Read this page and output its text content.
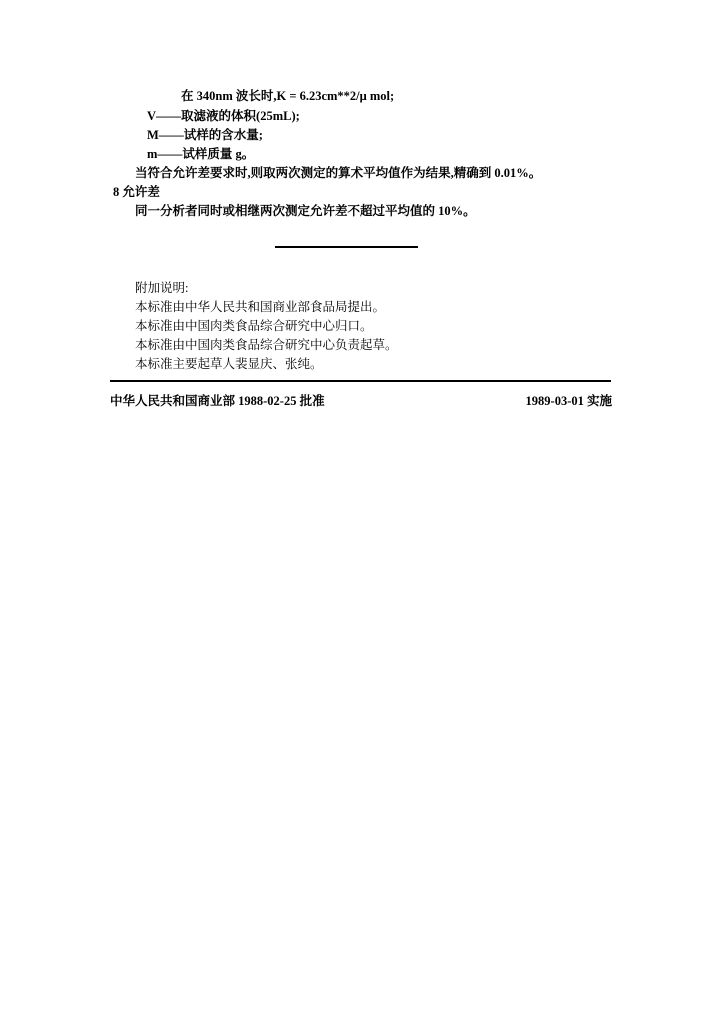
在 340nm 波长时,K = 6.23cm**2/μ mol;
V——取滤液的体积(25mL);
M——试样的含水量;
m——试样质量 g。
当符合允许差要求时,则取两次测定的算术平均值作为结果,精确到 0.01%。
8 允许差
同一分析者同时或相继两次测定允许差不超过平均值的 10%。
附加说明:
本标准由中华人民共和国商业部食品局提出。
本标准由中国肉类食品综合研究中心归口。
本标准由中国肉类食品综合研究中心负责起草。
本标准主要起草人裴显庆、张纯。
中华人民共和国商业部 1988-02-25 批准	1989-03-01 实施
